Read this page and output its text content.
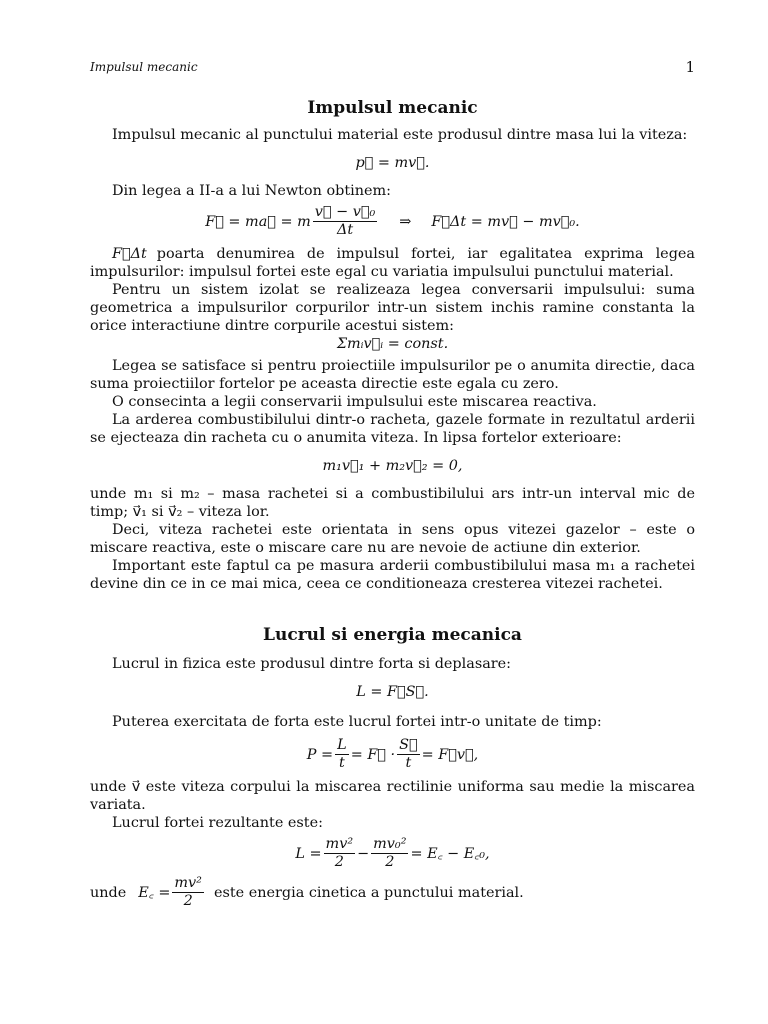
Impulsul mecanic	1
Impulsul mecanic

Impulsul mecanic al punctului material este produsul dintre masa lui la viteza:

p⃗ = mv⃗.

Din legea a II-a a lui Newton obtinem:

F⃗ = ma⃗ = m $\frac{\text{v⃗ − v⃗₀}}{\Delta t}$ ⇒ F⃗Δt = mv⃗ − mv⃗₀.

F⃗Δt poarta denumirea de impulsul fortei, iar egalitatea exprima legea impulsurilor: impulsul fortei este egal cu variatia impulsului punctului material.

Pentru un sistem izolat se realizeaza legea conversarii impulsului: suma geometrica a impulsurilor corpurilor intr-un sistem inchis ramine constanta la orice interactiune dintre corpurile acestui sistem:

Σmᵢv⃗ᵢ = const.

Legea se satisface si pentru proiectiile impulsurilor pe o anumita directie, daca suma proiectiilor fortelor pe aceasta directie este egala cu zero.

O consecinta a legii conservarii impulsului este miscarea reactiva.

La arderea combustibilului dintr-o racheta, gazele formate in rezultatul arderii se ejecteaza din racheta cu o anumita viteza. In lipsa fortelor exterioare:

m₁v⃗₁ + m₂v⃗₂ = 0,

unde m₁ si m₂ – masa rachetei si a combustibilului ars intr-un interval mic de timp; v⃗₁ si v⃗₂ – viteza lor.

Deci, viteza rachetei este orientata in sens opus vitezei gazelor – este o miscare reactiva, este o miscare care nu are nevoie de actiune din exterior.

Important este faptul ca pe masura arderii combustibilului masa m₁ a rachetei devine din ce in ce mai mica, ceea ce conditioneaza cresterea vitezei rachetei.

Lucrul si energia mecanica

Lucrul in fizica este produsul dintre forta si deplasare:

L = F⃗S⃗.

Puterea exercitata de forta este lucrul fortei intr-o unitate de timp:

$P = \frac{L}{t}$ = F⃗ · $\frac{S⃗}{t}$ = F⃗v⃗,

unde v⃗ este viteza corpului la miscarea rectilinie uniforma sau medie la miscarea variata.

Lucrul fortei rezultante este:

$L = \frac{\text{mv²}}{2} - \frac{\text{mv₀²}}{2}$ = E꜀ − E꜀₀,
unde E꜀ = $\frac{\text{mv²}}{2}$ este energia cinetica a punctului material.
